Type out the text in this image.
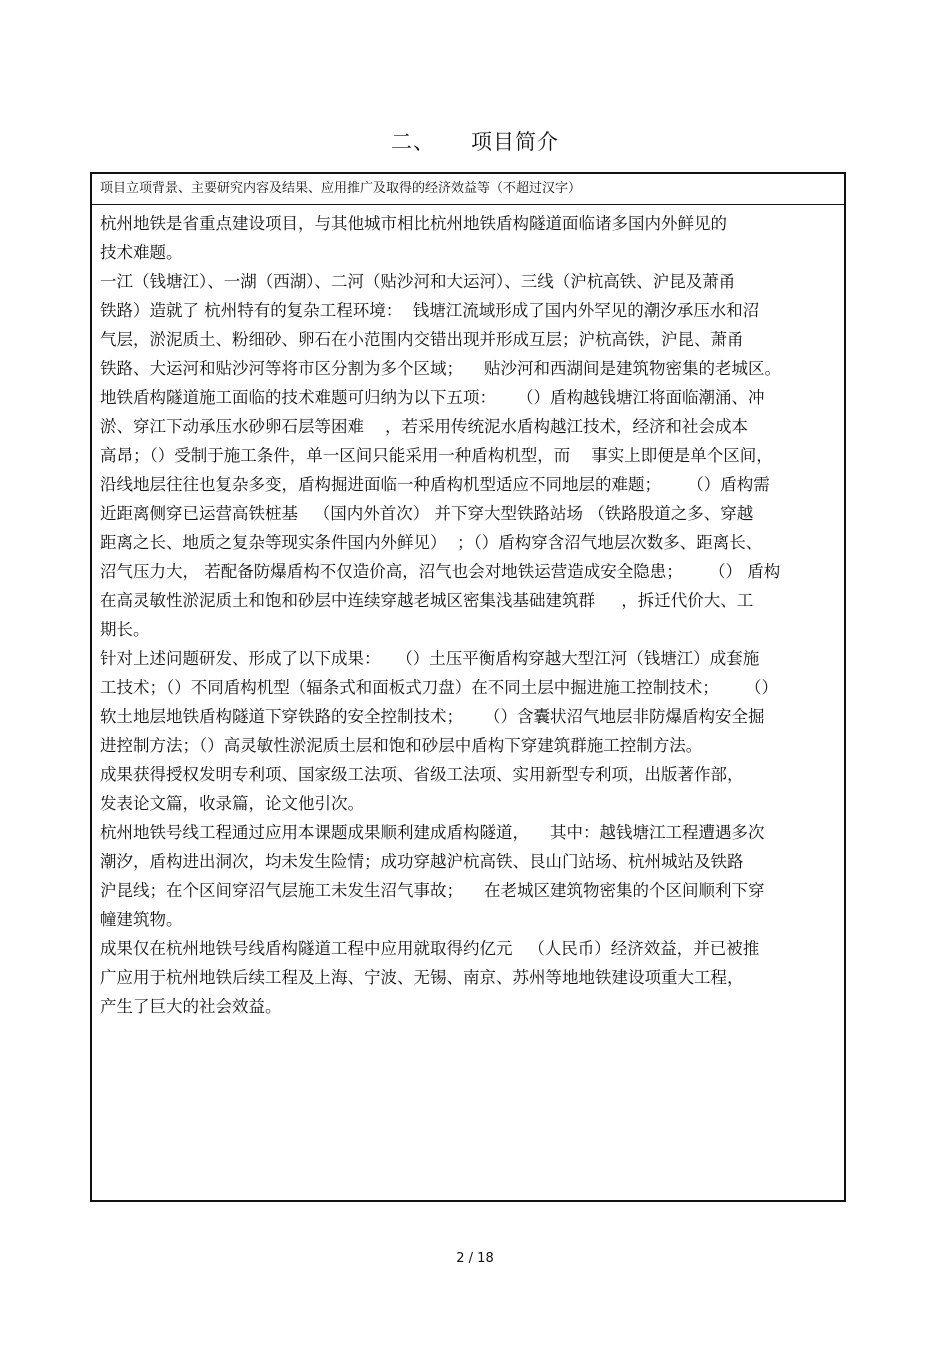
二、 项目简介
项目立项背景、主要研究内容及结果、应用推广及取得的经济效益等（不超过汉字）
杭州地铁是省重点建设项目，与其他城市相比杭州地铁盾构隧道面临诸多国内外鲜见的
技术难题。
一江（钱塘江）、一湖（西湖）、二河（贴沙河和大运河）、三线（沪杭高铁、沪昆及萧甬
铁路）造就了 杭州特有的复杂工程环境：  钱塘江流域形成了国内外罕见的潮汐承压水和沼
气层，淤泥质土、粉细砂、卵石在小范围内交错出现并形成互层；沪杭高铁，沪昆、萧甬
铁路、大运河和贴沙河等将市区分割为多个区域；    贴沙河和西湖间是建筑物密集的老城区。
地铁盾构隧道施工面临的技术难题可归纳为以下五项：    （）盾构越钱塘江将面临潮涌、冲
淤、穿江下动承压水砂卵石层等困难    ，若采用传统泥水盾构越江技术，经济和社会成本
高昂；（）受制于施工条件，单一区间只能采用一种盾构机型，而    事实上即便是单个区间，
沿线地层往往也复杂多变，盾构掘进面临一种盾构机型适应不同地层的难题；     （）盾构需
近距离侧穿已运营高铁桩基   （国内外首次） 并下穿大型铁路站场 （铁路股道之多、穿越
距离之长、地质之复杂等现实条件国内外鲜见）  ；（）盾构穿含沼气地层次数多、距离长、
沼气压力大， 若配备防爆盾构不仅造价高，沼气也会对地铁运营造成安全隐患；     （） 盾构
在高灵敏性淤泥质土和饱和砂层中连续穿越老城区密集浅基础建筑群     ，拆迁代价大、工
期长。
针对上述问题研发、形成了以下成果：   （）土压平衡盾构穿越大型江河（钱塘江）成套施
工技术；（）不同盾构机型（辐条式和面板式刀盘）在不同土层中掘进施工控制技术；     （）
软土地层地铁盾构隧道下穿铁路的安全控制技术；    （）含囊状沼气地层非防爆盾构安全掘
进控制方法；（）高灵敏性淤泥质土层和饱和砂层中盾构下穿建筑群施工控制方法。
成果获得授权发明专利项、国家级工法项、省级工法项、实用新型专利项，出版著作部，
发表论文篇，收录篇，论文他引次。
杭州地铁号线工程通过应用本课题成果顺利建成盾构隧道，    其中：越钱塘江工程遭遇多次
潮汐，盾构进出洞次，均未发生险情；成功穿越沪杭高铁、艮山门站场、杭州城站及铁路
沪昆线；在个区间穿沼气层施工未发生沼气事故；    在老城区建筑物密集的个区间顺利下穿
幢建筑物。
成果仅在杭州地铁号线盾构隧道工程中应用就取得约亿元   （人民币）经济效益，并已被推
广应用于杭州地铁后续工程及上海、宁波、无锡、南京、苏州等地地铁建设项重大工程，
产生了巨大的社会效益。
2 / 18
